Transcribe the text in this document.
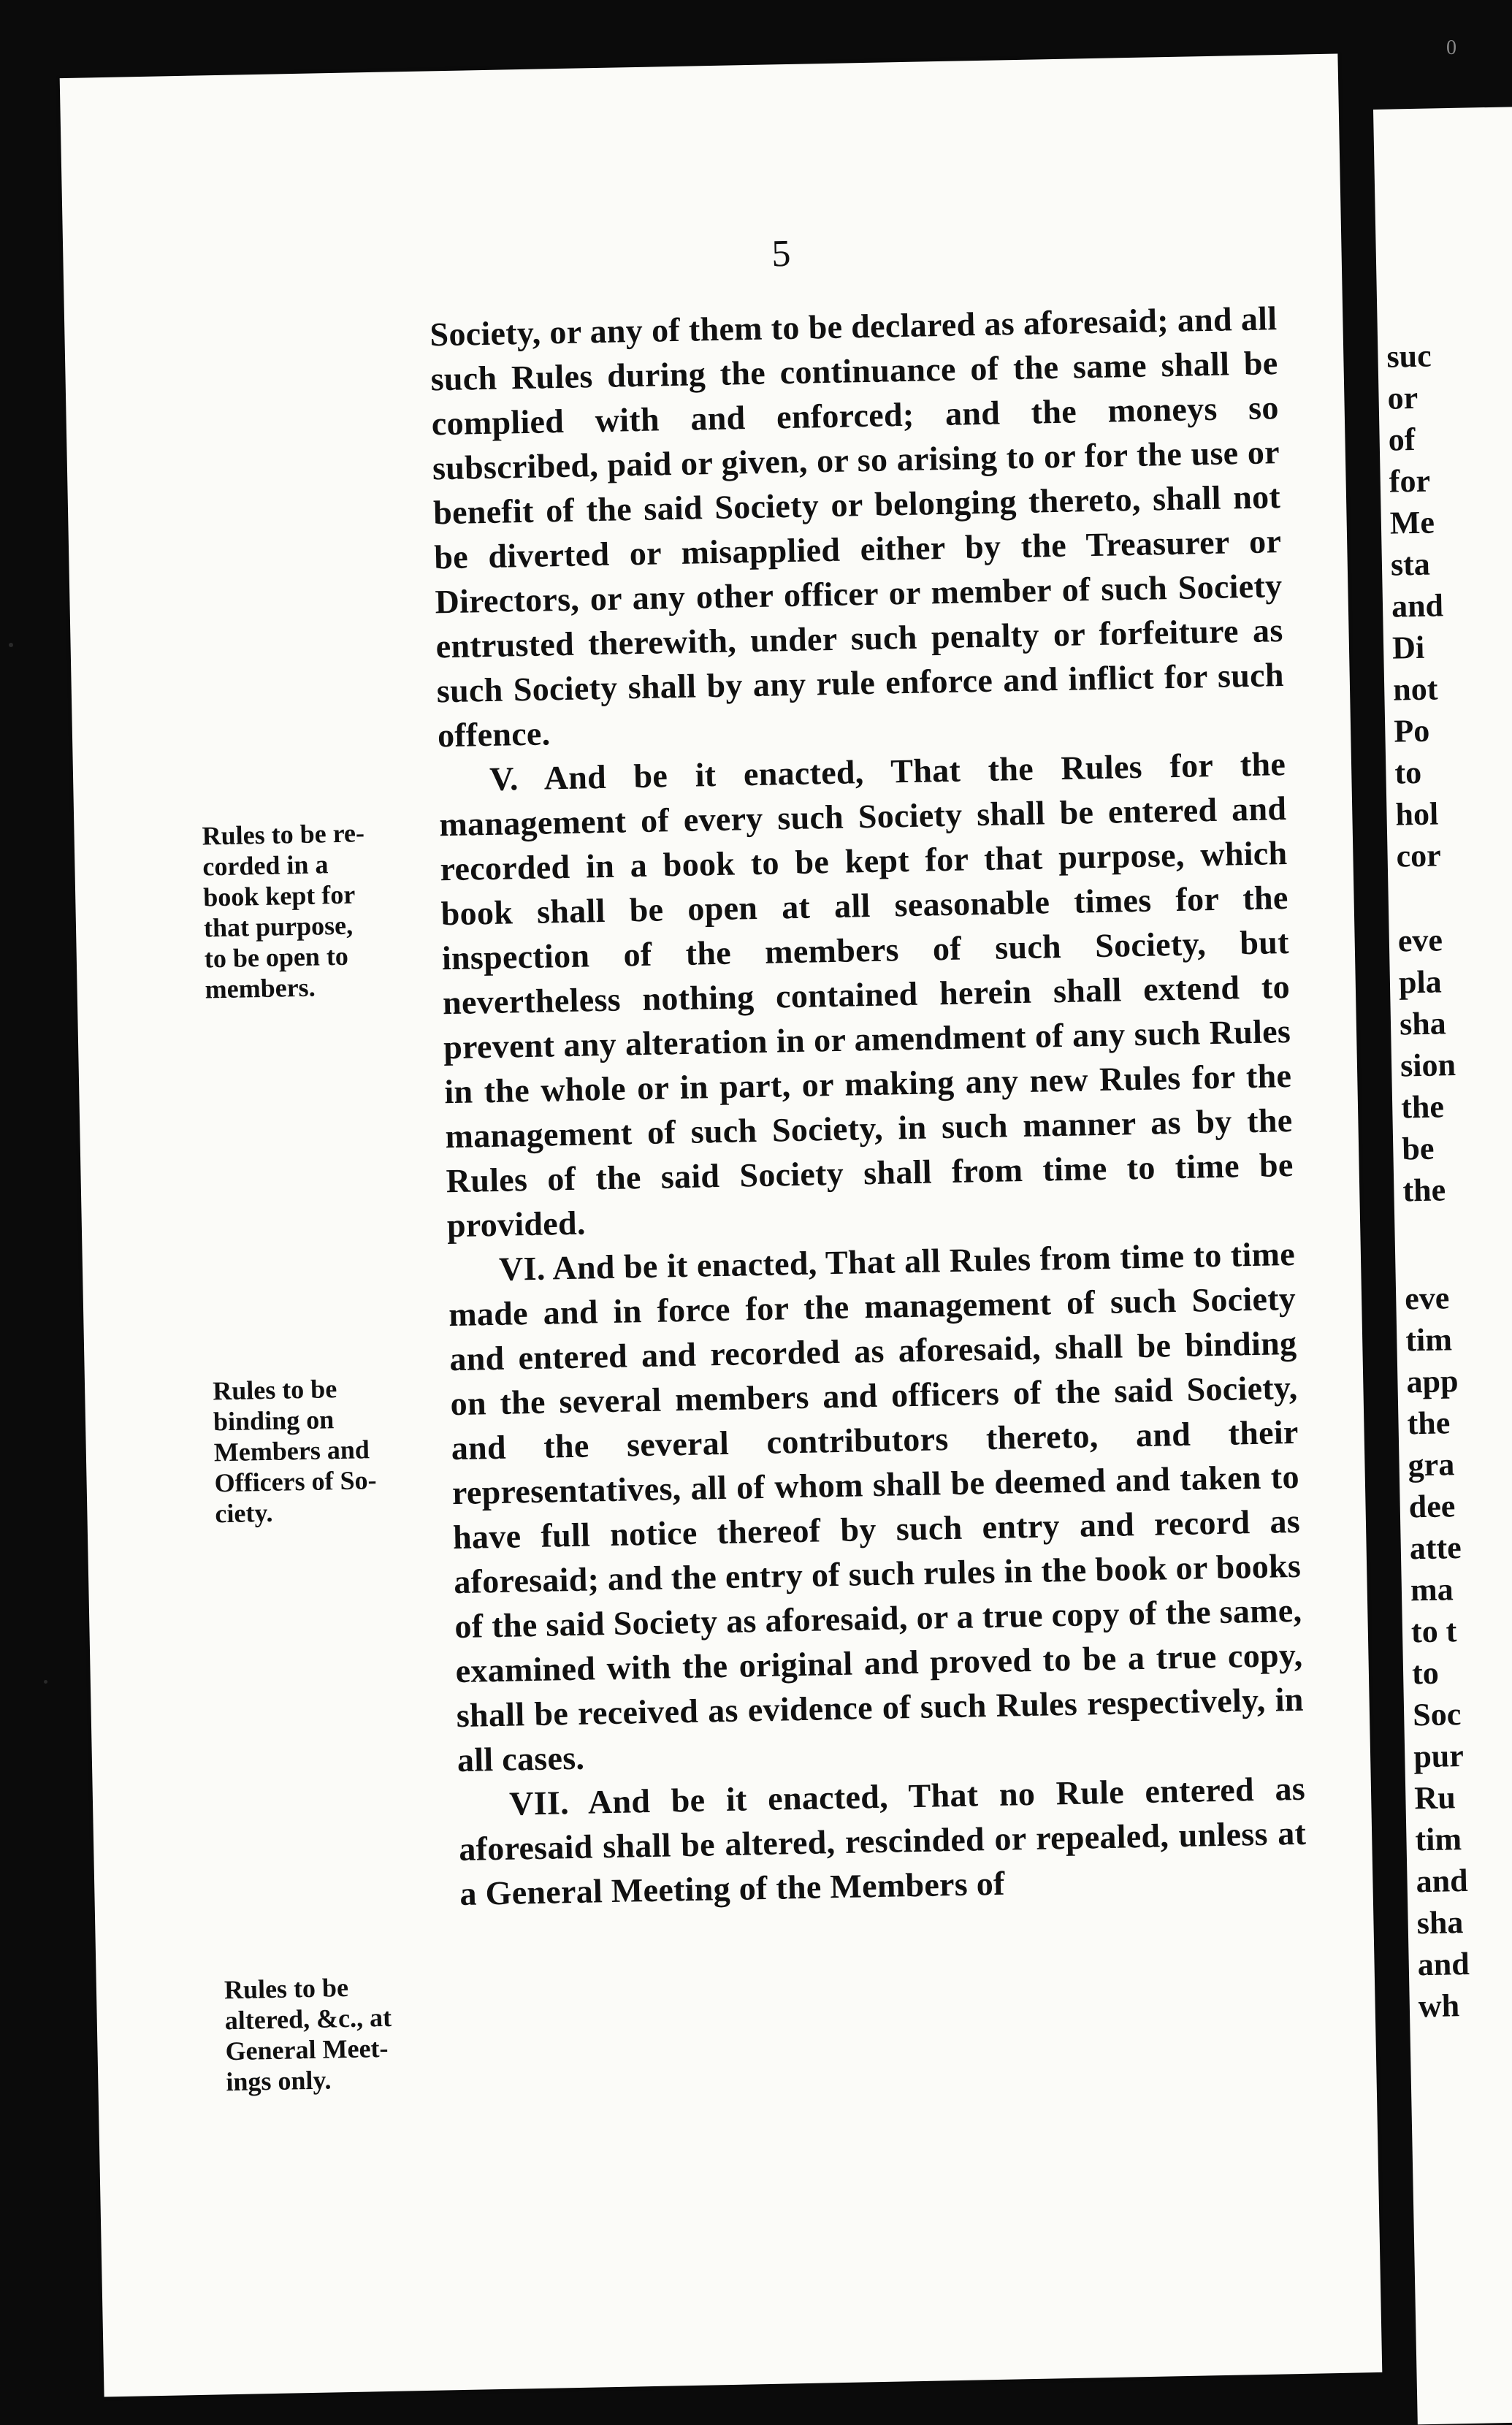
0
5

Society, or any of them to be declared as aforesaid; and all such Rules during the continuance of the same shall be complied with and enforced; and the moneys so subscribed, paid or given, or so arising to or for the use or benefit of the said Society or belonging thereto, shall not be diverted or misapplied either by the Treasurer or Directors, or any other officer or member of such Society entrusted therewith, under such penalty or forfeiture as such Society shall by any rule enforce and inflict for such offence.

V. And be it enacted, That the Rules for the management of every such Society shall be entered and recorded in a book to be kept for that purpose, which book shall be open at all seasonable times for the inspection of the members of such Society, but nevertheless nothing contained herein shall extend to prevent any alteration in or amendment of any such Rules in the whole or in part, or making any new Rules for the management of such Society, in such manner as by the Rules of the said Society shall from time to time be provided.

VI. And be it enacted, That all Rules from time to time made and in force for the management of such Society and entered and recorded as aforesaid, shall be binding on the several members and officers of the said Society, and the several contributors thereto, and their representatives, all of whom shall be deemed and taken to have full notice thereof by such entry and record as aforesaid; and the entry of such rules in the book or books of the said Society as aforesaid, or a true copy of the same, examined with the original and proved to be a true copy, shall be received as evidence of such Rules respectively, in all cases.

VII. And be it enacted, That no Rule entered as aforesaid shall be altered, rescinded or repealed, unless at a General Meeting of the Members of

Rules to be re-
corded in a
book kept for
that purpose,
to be open to
members.
Rules to be
binding on
Members and
Officers of So-
ciety.
Rules to be
altered, &c., at
General Meet-
ings only.
suc
or
of
for
Me
sta
and
Di
not
Po
to
hol
cor
eve
pla
sha
sion
the
be
the
eve
tim
app
the
gra
dee
atte
ma
to t
to
Soc
pur
Ru
tim
and
sha
and
wh
